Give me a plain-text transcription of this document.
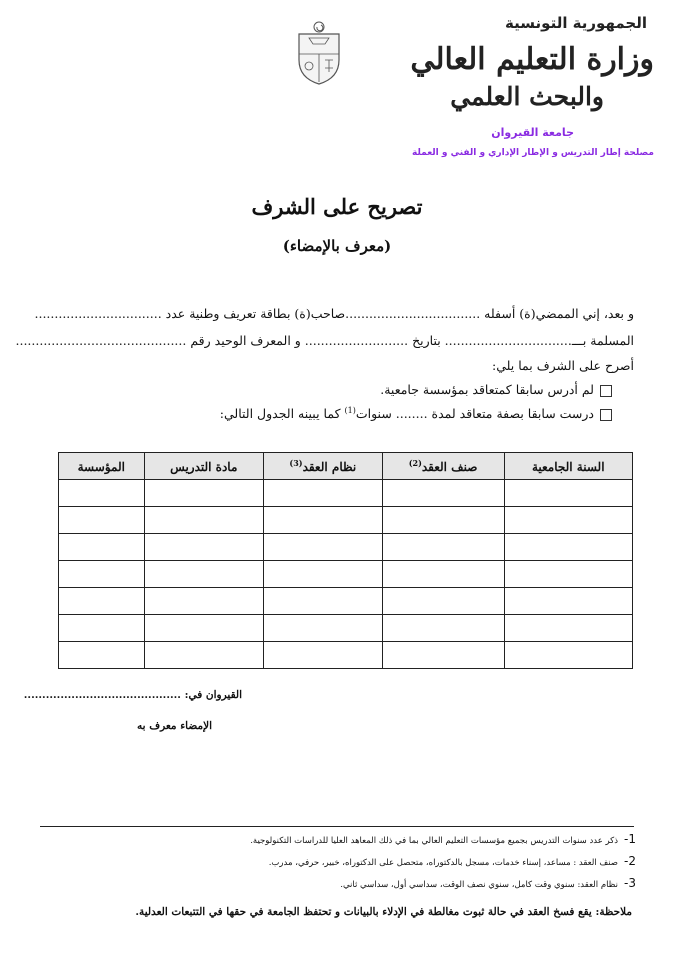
الجمهورية التونسية
وزارة التعليم العالي
والبحث العلمي
جامعة القيروان
مصلحة إطار التدريس و الإطار الإداري و الفني و العملة
تصريح على الشرف
(معرف بالإمضاء)
و بعد، إني الممضي(ة) أسفله ..................................صاحب(ة) بطاقة تعريف وطنية عدد ................................
المسلمة بـــ................................ بتاريخ .......................... و المعرف الوحيد رقم ...........................................
أصرح على الشرف بما يلي:
لم أدرس سابقا كمتعاقد بمؤسسة جامعية.
درست سابقا بصفة متعاقد لمدة ........ سنوات$^{(1)}$ كما يبينه الجدول التالي:
السنة الجامعية	صنف العقد$^{(2)}$	نظام العقد$^{(3)}$	مادة التدريس	المؤسسة

القيروان في: ...........................................
الإمضاء معرف به
1-ذكر عدد سنوات التدريس بجميع مؤسسات التعليم العالي بما في ذلك المعاهد العليا للدراسات التكنولوجية.
2-صنف العقد : مساعد، إسناء خدمات، مسجل بالدكتوراه، متحصل على الدكتوراه، خبير، حرفي، مدرب.
3-نظام العقد: سنوي وقت كامل، سنوي نصف الوقت، سداسي أول، سداسي ثاني.
ملاحظة: يقع فسخ العقد في حالة ثبوت مغالطة في الإدلاء بالبيانات و تحتفظ الجامعة في حقها في التتبعات العدلية.
